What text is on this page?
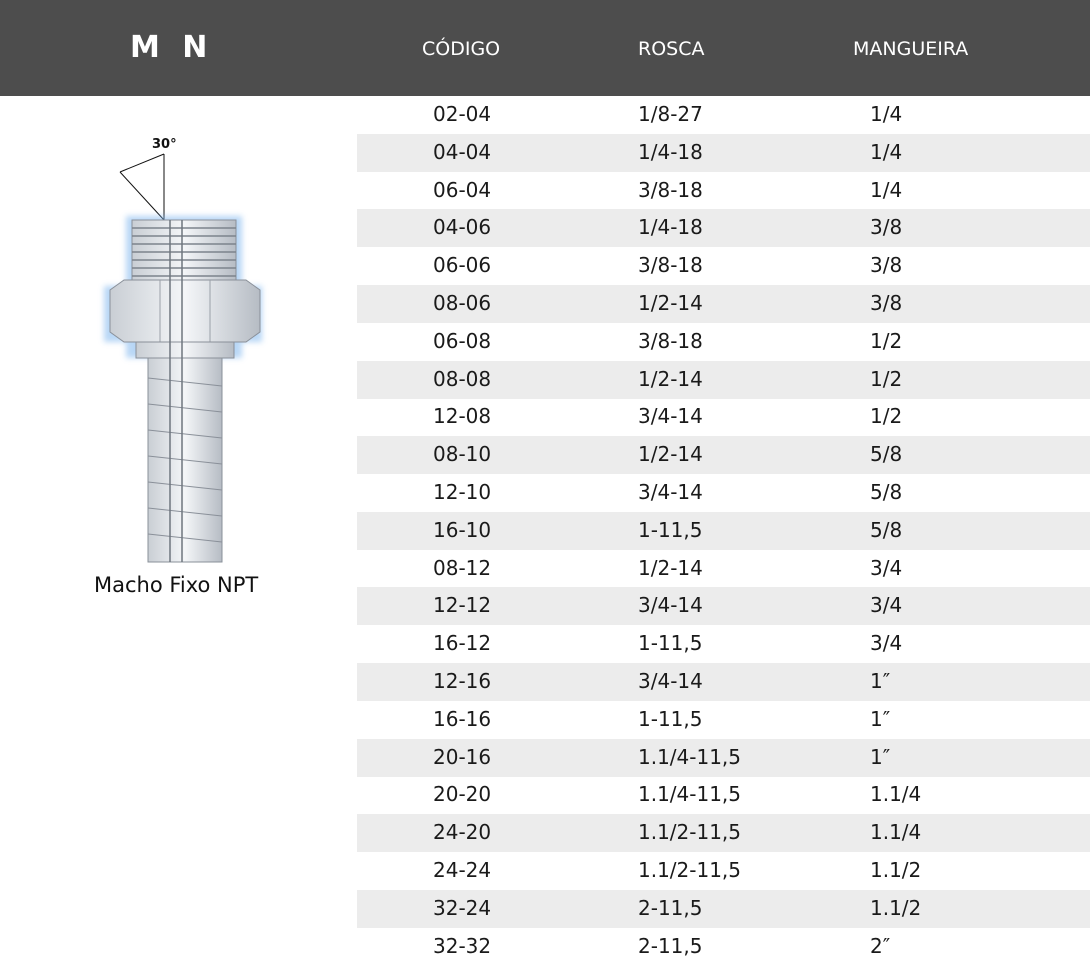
M N	CÓDIGO	ROSCA	MANGUEIRA
30°
Macho Fixo NPT
02-04	1/8-27	1/4
04-04	1/4-18	1/4
06-04	3/8-18	1/4
04-06	1/4-18	3/8
06-06	3/8-18	3/8
08-06	1/2-14	3/8
06-08	3/8-18	1/2
08-08	1/2-14	1/2
12-08	3/4-14	1/2
08-10	1/2-14	5/8
12-10	3/4-14	5/8
16-10	1-11,5	5/8
08-12	1/2-14	3/4
12-12	3/4-14	3/4
16-12	1-11,5	3/4
12-16	3/4-14	1″
16-16	1-11,5	1″
20-16	1.1/4-11,5	1″
20-20	1.1/4-11,5	1.1/4
24-20	1.1/2-11,5	1.1/4
24-24	1.1/2-11,5	1.1/2
32-24	2-11,5	1.1/2
32-32	2-11,5	2″
